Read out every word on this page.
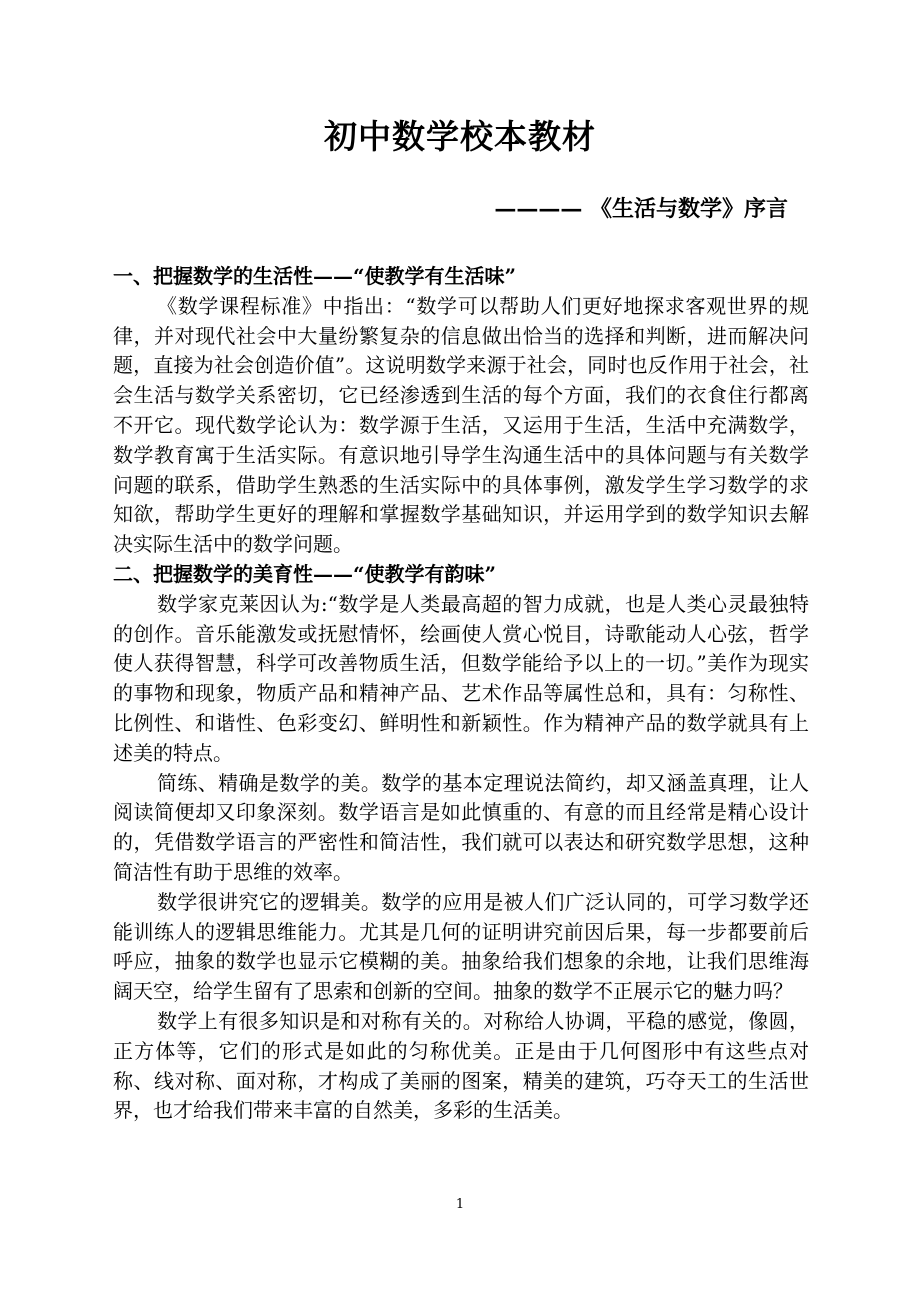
初中数学校本教材
———— 《生活与数学》序言

一、把握数学的生活性——“使教学有生活味”

《数学课程标准》中指出：“数学可以帮助人们更好地探求客观世界的规律，并对现代社会中大量纷繁复杂的信息做出恰当的选择和判断，进而解决问题，直接为社会创造价值”。这说明数学来源于社会，同时也反作用于社会，社会生活与数学关系密切，它已经渗透到生活的每个方面，我们的衣食住行都离不开它。现代数学论认为：数学源于生活，又运用于生活，生活中充满数学，数学教育寓于生活实际。有意识地引导学生沟通生活中的具体问题与有关数学问题的联系，借助学生熟悉的生活实际中的具体事例，激发学生学习数学的求知欲，帮助学生更好的理解和掌握数学基础知识，并运用学到的数学知识去解决实际生活中的数学问题。

二、把握数学的美育性——“使教学有韵味”

数学家克莱因认为:“数学是人类最高超的智力成就，也是人类心灵最独特的创作。音乐能激发或抚慰情怀，绘画使人赏心悦目，诗歌能动人心弦，哲学使人获得智慧，科学可改善物质生活，但数学能给予以上的一切。”美作为现实的事物和现象，物质产品和精神产品、艺术作品等属性总和，具有：匀称性、比例性、和谐性、色彩变幻、鲜明性和新颖性。作为精神产品的数学就具有上述美的特点。

简练、精确是数学的美。数学的基本定理说法简约，却又涵盖真理，让人阅读简便却又印象深刻。数学语言是如此慎重的、有意的而且经常是精心设计的，凭借数学语言的严密性和简洁性，我们就可以表达和研究数学思想，这种简洁性有助于思维的效率。

数学很讲究它的逻辑美。数学的应用是被人们广泛认同的，可学习数学还能训练人的逻辑思维能力。尤其是几何的证明讲究前因后果，每一步都要前后呼应，抽象的数学也显示它模糊的美。抽象给我们想象的余地，让我们思维海阔天空，给学生留有了思索和创新的空间。抽象的数学不正展示它的魅力吗？

数学上有很多知识是和对称有关的。对称给人协调，平稳的感觉，像圆，正方体等，它们的形式是如此的匀称优美。正是由于几何图形中有这些点对称、线对称、面对称，才构成了美丽的图案，精美的建筑，巧夺天工的生活世界，也才给我们带来丰富的自然美，多彩的生活美。

1
